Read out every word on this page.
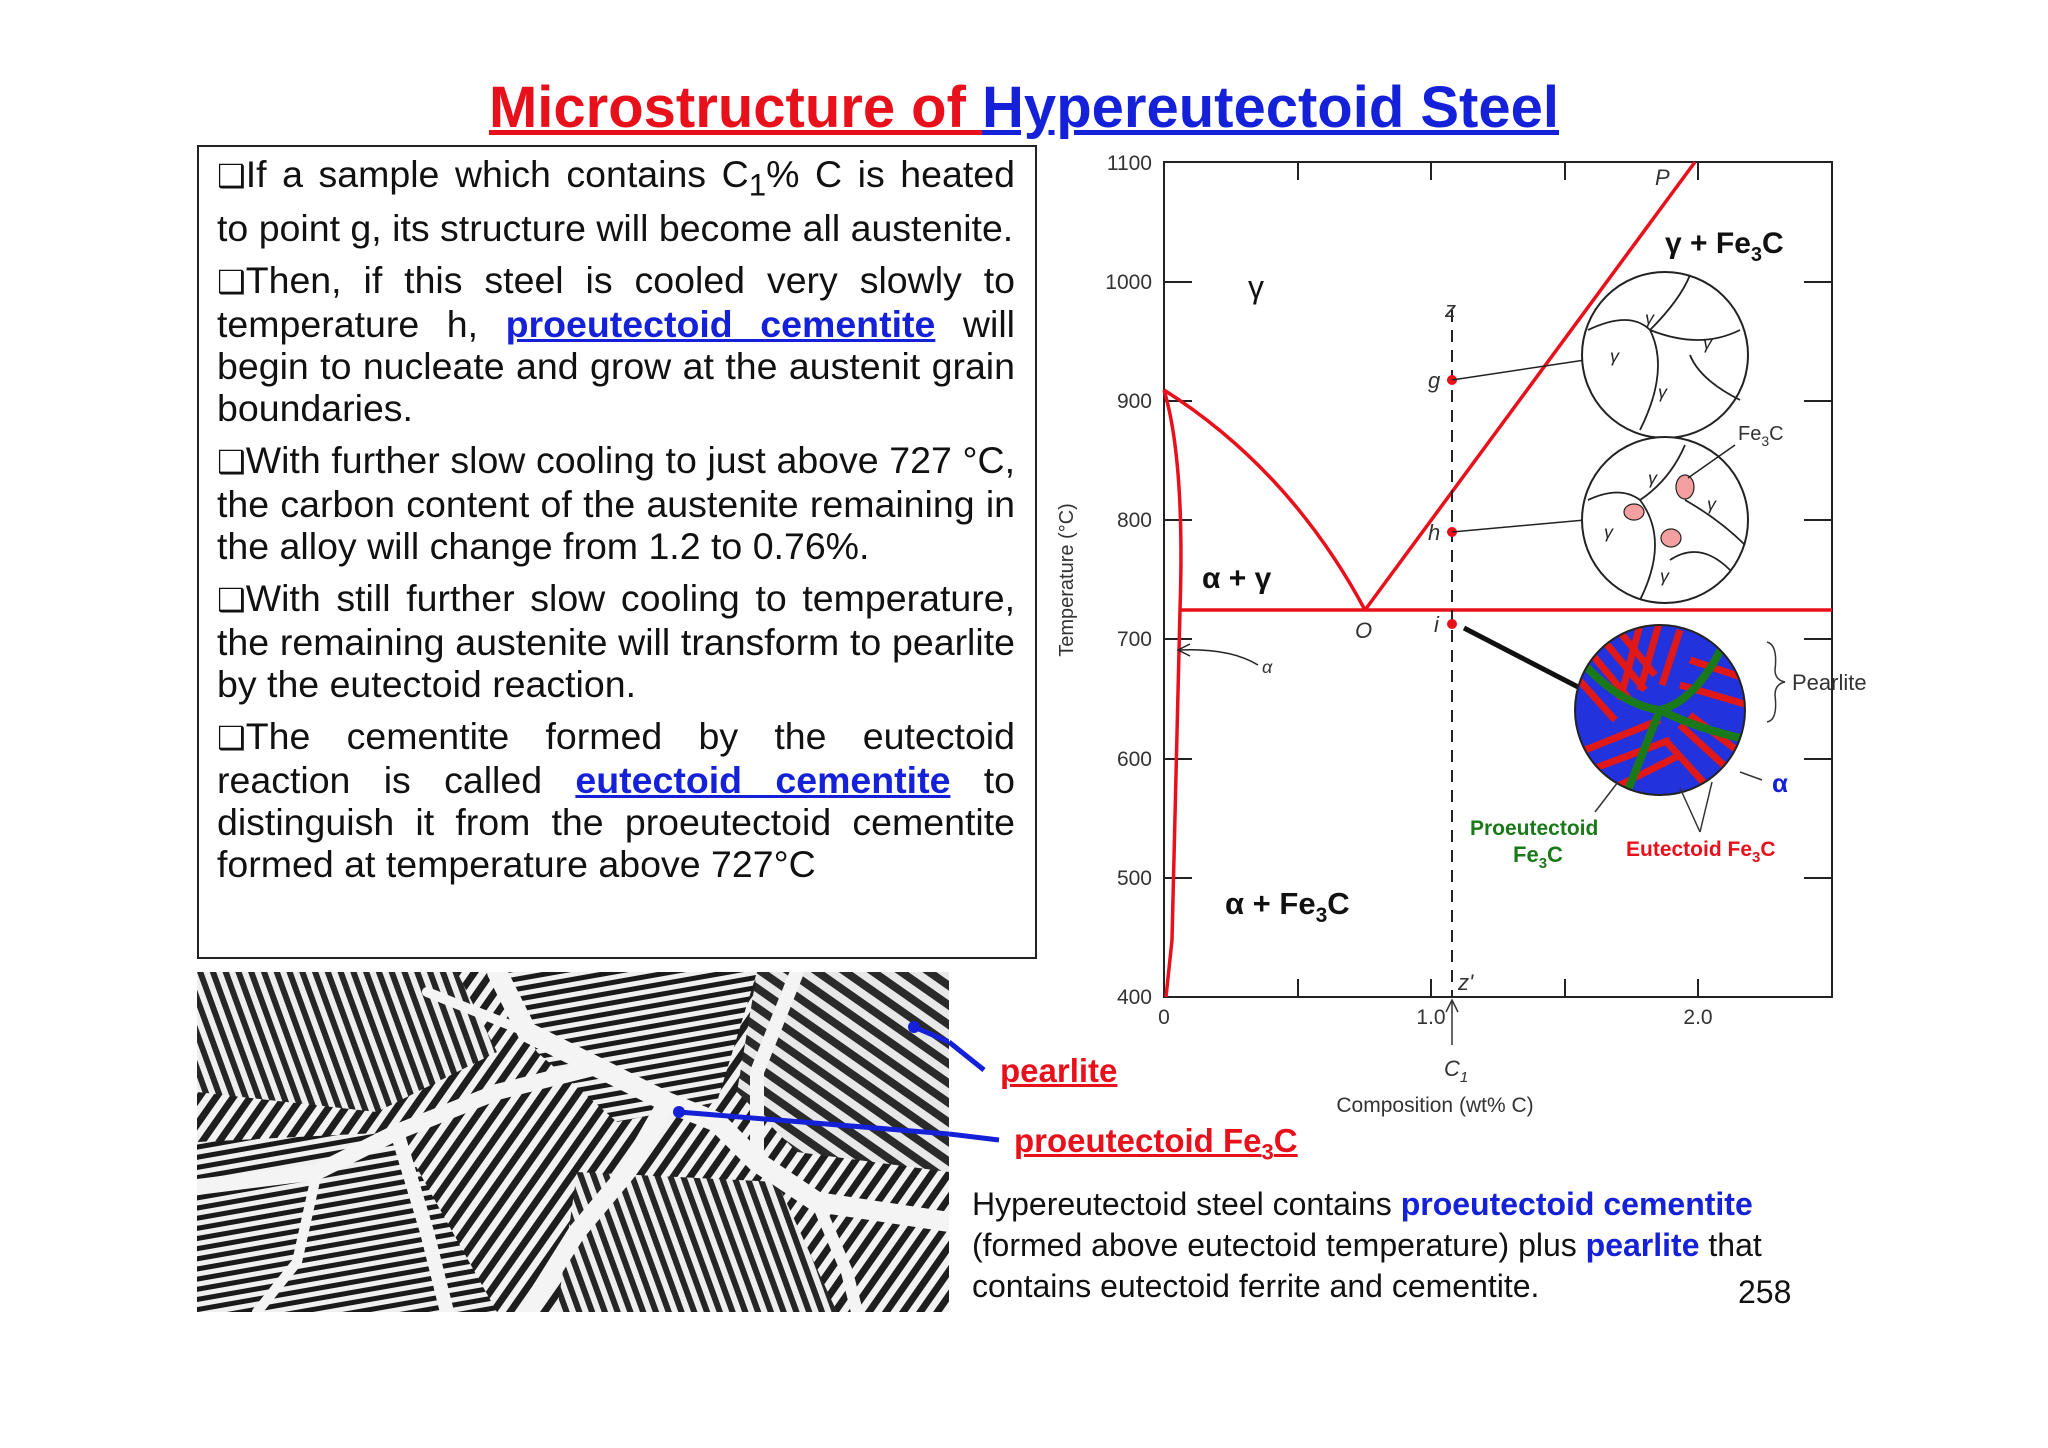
Microstructure of Hypereutectoid Steel

❑If a sample which contains $C_1\%$ C is heated to point g, its structure will become all austenite.

❑Then, if this steel is cooled very slowly to temperature h, proeutectoid cementite will begin to nucleate and grow at the austenit grain boundaries.

❑With further slow cooling to just above 727 °C, the carbon content of the austenite remaining in the alloy will change from 1.2 to 0.76%.

❑With still further slow cooling to temperature, the remaining austenite will transform to pearlite by the eutectoid reaction.

❑The cementite formed by the eutectoid reaction is called eutectoid cementite to distinguish it from the proeutectoid cementite formed at temperature above 727°C

pearlite
proeutectoid $Fe_3C$
Hypereutectoid steel contains proeutectoid cementite (formed above eutectoid temperature) plus pearlite that contains eutectoid ferrite and cementite.	258
1100
1000
900
800
700
600
500
400
0	1.0	2.0
Temperature (°C)
Composition (wt% C)
$C_1$
z
g
h
i
z'
P
O
α
γ
α + γ
$\gamma + Fe_3C$
$\alpha + Fe_3C$
γ
γ
γ
γ
γ
γ
γ
γ
$Fe_3C$
Pearlite
α
Proeutectoid
$Fe_3C$	Eutectoid $Fe_3C$
